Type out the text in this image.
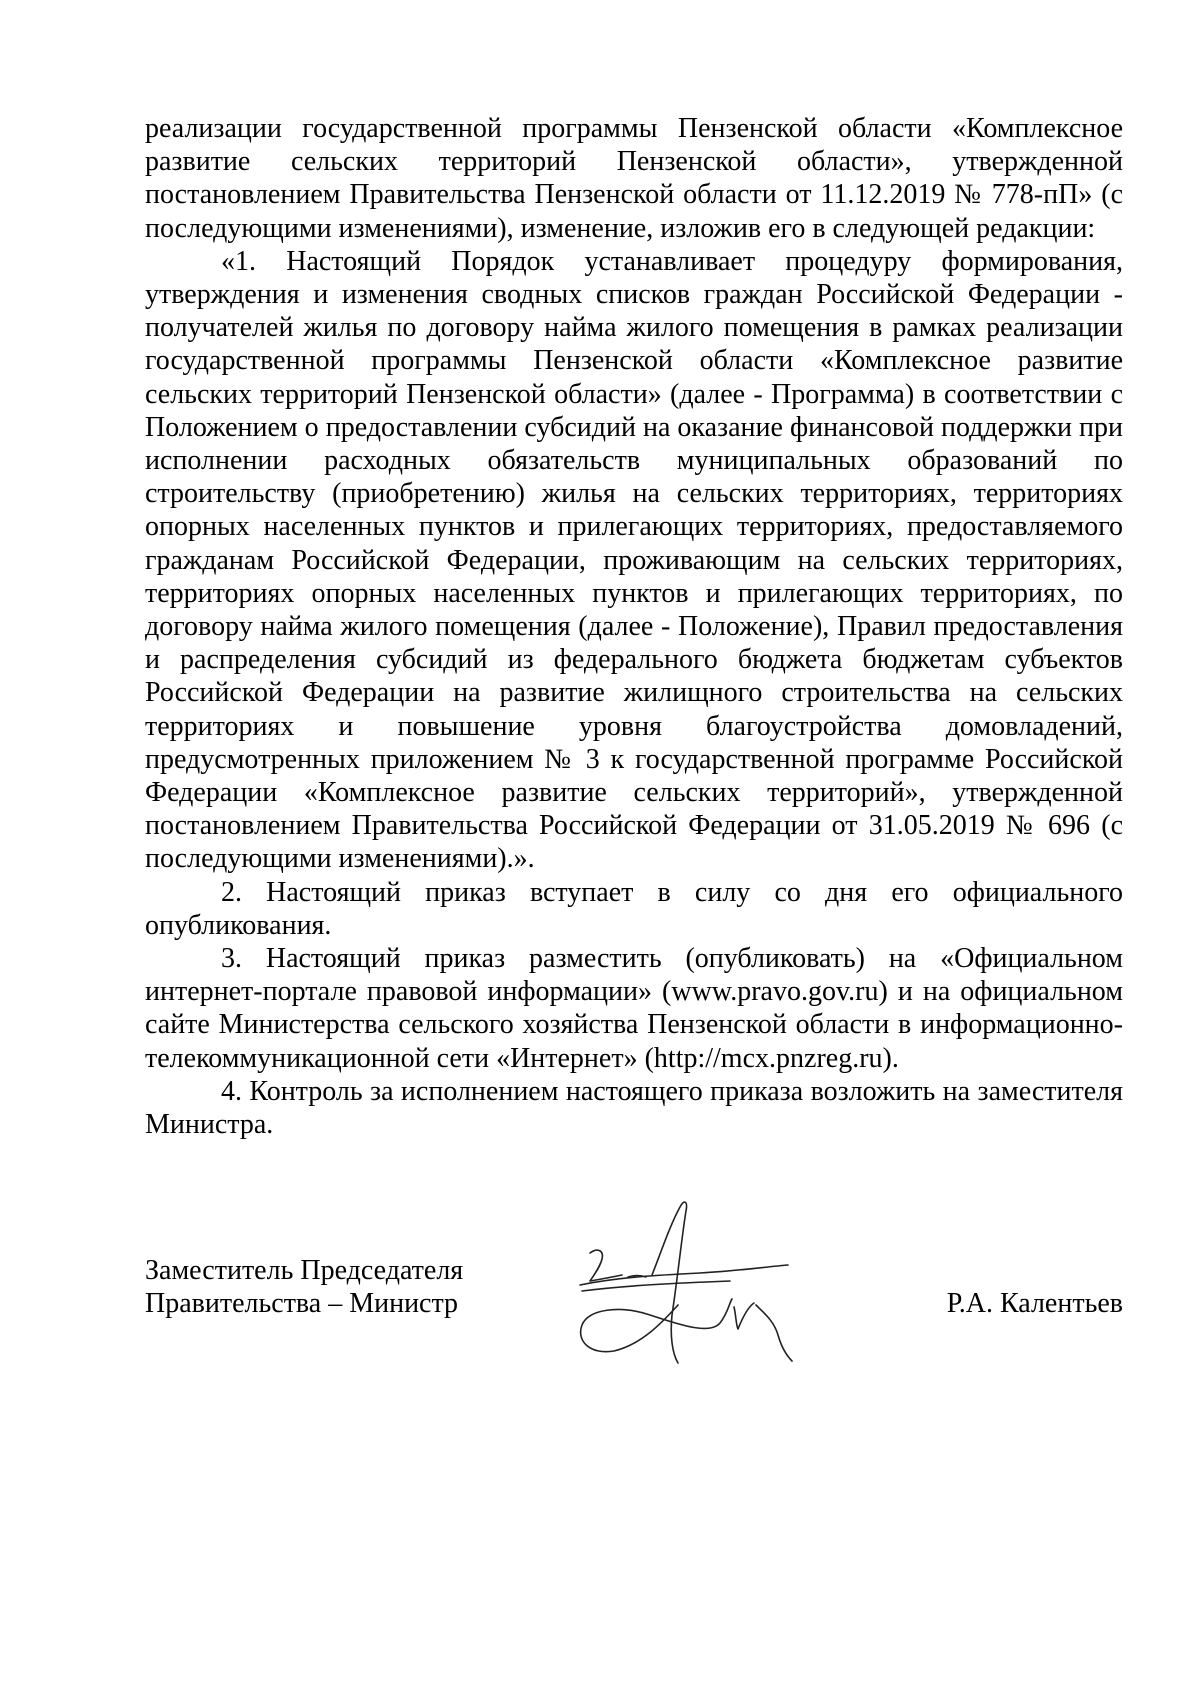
реализации государственной программы Пензенской области «Комплексное развитие сельских территорий Пензенской области», утвержденной постановлением Правительства Пензенской области от 11.12.2019 № 778-пП» (с последующими изменениями), изменение, изложив его в следующей редакции:

«1. Настоящий Порядок устанавливает процедуру формирования, утверждения и изменения сводных списков граждан Российской Федерации - получателей жилья по договору найма жилого помещения в рамках реализации государственной программы Пензенской области «Комплексное развитие сельских территорий Пензенской области» (далее - Программа) в соответствии с Положением о предоставлении субсидий на оказание финансовой поддержки при исполнении расходных обязательств муниципальных образований по строительству (приобретению) жилья на сельских территориях, территориях опорных населенных пунктов и прилегающих территориях, предоставляемого гражданам Российской Федерации, проживающим на сельских территориях, территориях опорных населенных пунктов и прилегающих территориях, по договору найма жилого помещения (далее - Положение), Правил предоставления и распределения субсидий из федерального бюджета бюджетам субъектов Российской Федерации на развитие жилищного строительства на сельских территориях и повышение уровня благоустройства домовладений, предусмотренных приложением № 3 к государственной программе Российской Федерации «Комплексное развитие сельских территорий», утвержденной постановлением Правительства Российской Федерации от 31.05.2019 № 696 (с последующими изменениями).».

2. Настоящий приказ вступает в силу со дня его официального опубликования.

3. Настоящий приказ разместить (опубликовать) на «Официальном интернет-портале правовой информации» (www.pravo.gov.ru) и на официальном сайте Министерства сельского хозяйства Пензенской области в информационно-телекоммуникационной сети «Интернет» (http://mcx.pnzreg.ru).

4. Контроль за исполнением настоящего приказа возложить на заместителя Министра.

Заместитель Председателя
Правительства – Министр	Р.А. Калентьев
